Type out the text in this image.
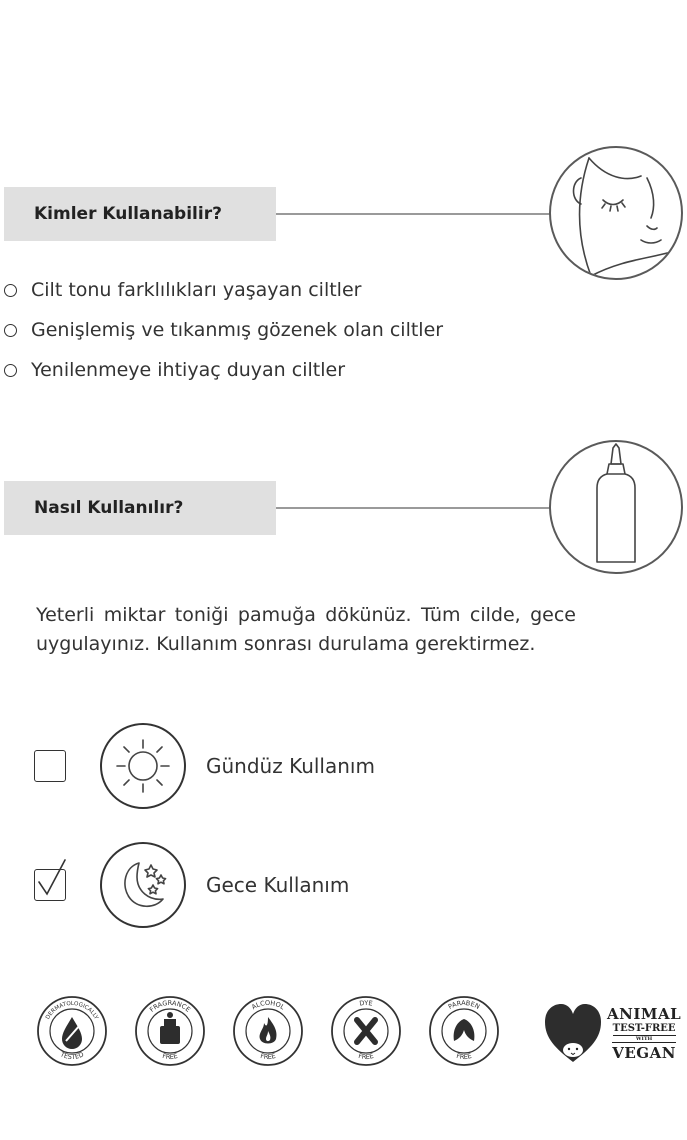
Kimler Kullanabilir?
Cilt tonu farklılıkları yaşayan ciltler
Genişlemiş ve tıkanmış gözenek olan ciltler
Yenilenmeye ihtiyaç duyan ciltler
Nasıl Kullanılır?

Yeterli miktar toniği pamuğa dökünüz. Tüm cilde, gece uygulayınız. Kullanım sonrası durulama gerektirmez.

Gündüz Kullanım
Gece Kullanım
DERMATOLOGICALLY
TESTED
FRAGRANCE
FREE
ALCOHOL
FREE
DYE
FREE
PARABEN
FREE
ANIMAL
TEST-FREE
WITH
VEGAN
